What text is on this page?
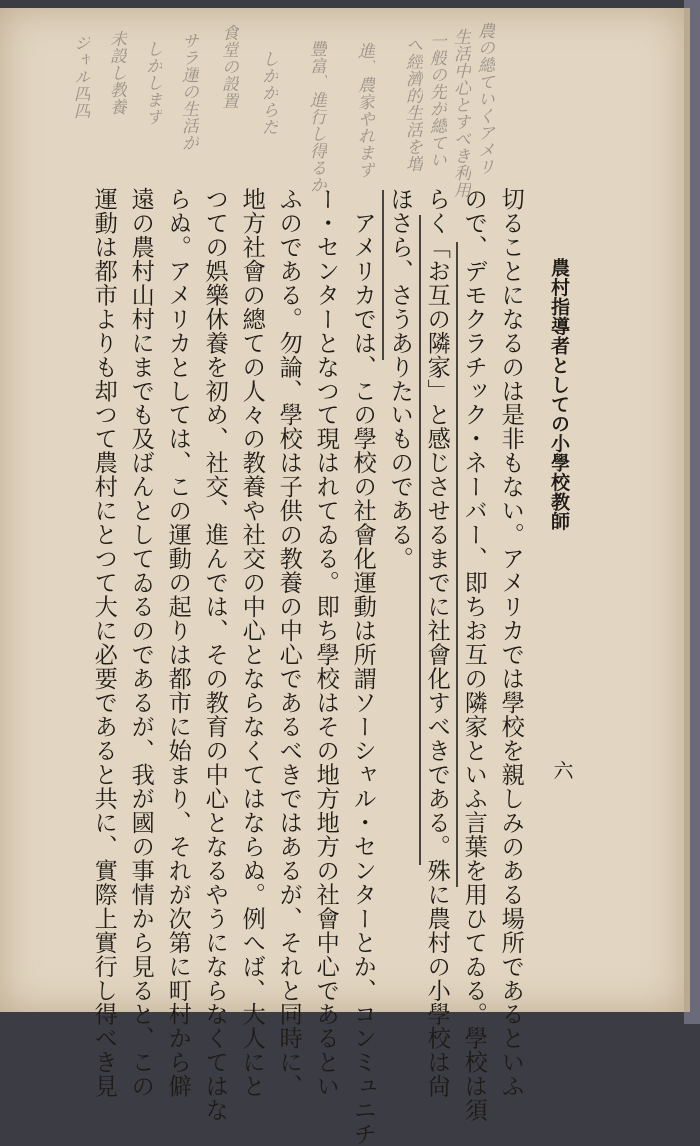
農村指導者としての小學校教師
六
切ることになるのは是非もない。アメリカでは學校を親しみのある場所であるといふ
ので、デモクラチック・ネーバー、即ちお互の隣家といふ言葉を用ひてゐる。學校は須
らく「お互の隣家」と感じさせるまでに社會化すべきである。殊に農村の小學校は尙
ほさら、さうありたいものである。
　アメリカでは、この學校の社會化運動は所謂ソーシャル・センターとか、コンミュニチ
ー・センターとなつて現はれてゐる。即ち學校はその地方地方の社會中心であるとい
ふのである。勿論、學校は子供の教養の中心であるべきではあるが、それと同時に、
地方社會の總ての人々の教養や社交の中心とならなくてはならぬ。例へば、大人にと
つての娯樂休養を初め、社交、進んでは、その教育の中心となるやうにならなくてはな
らぬ。アメリカとしては、この運動の起りは都市に始まり、それが次第に町村から僻
遠の農村山村にまでも及ばんとしてゐるのであるが、我が國の事情から見ると、この
運動は都市よりも却つて農村にとつて大に必要であると共に、實際上實行し得べき見
農の總ていくアメリ
生活中心とすべき利用
一般の先が總てい
へ經濟的生活を増
進、農家やれまず
豐富、進行し得るか
しかからだ
食堂の設置
サラ運の生活が
しかしまず
未設し教養
ジャル四四
